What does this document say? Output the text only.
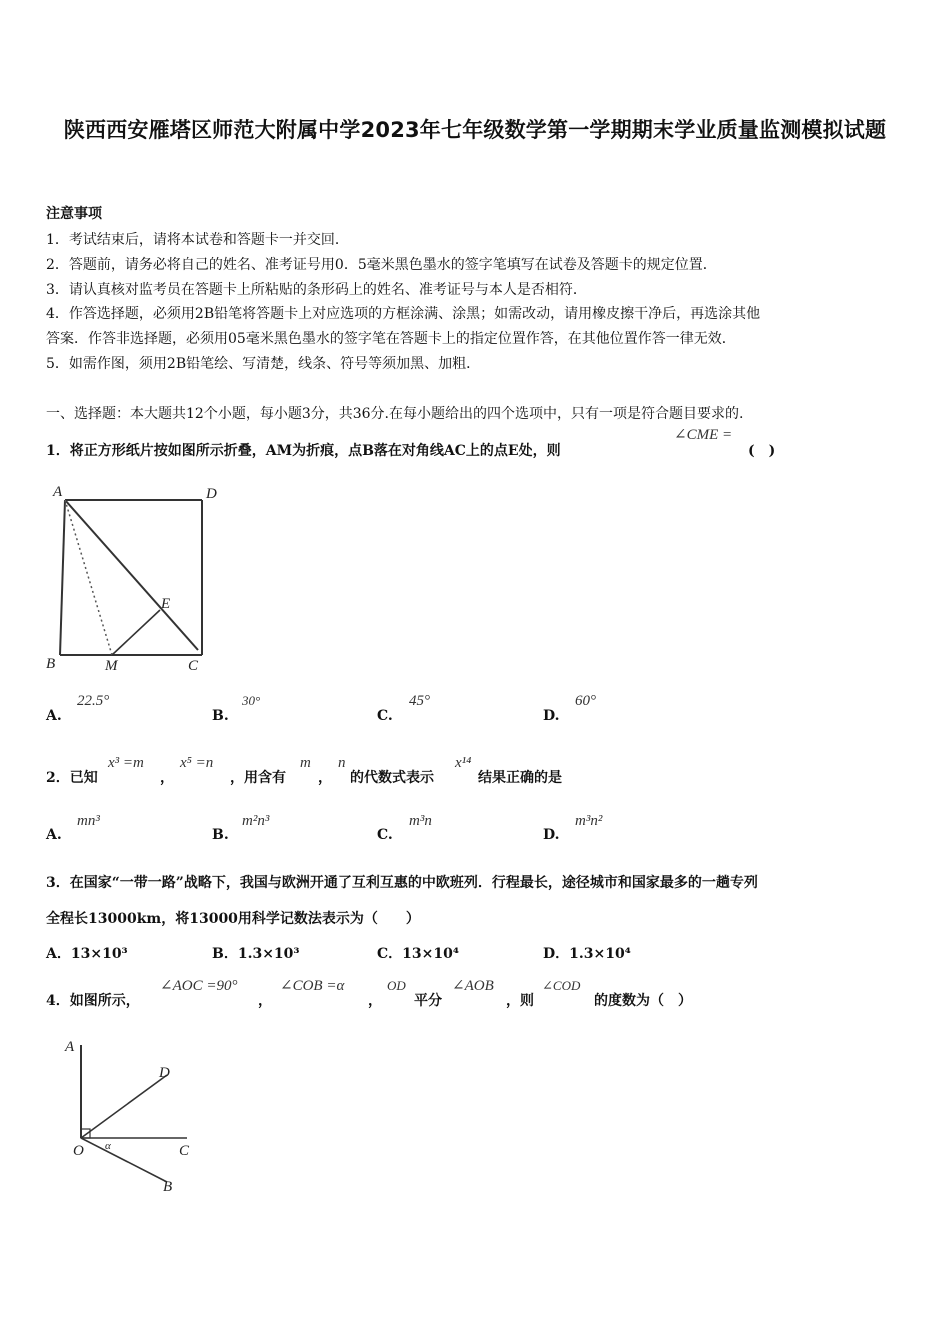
陕西西安雁塔区师范大附属中学2023年七年级数学第一学期期末学业质量监测模拟试题
注意事项
1．考试结束后，请将本试卷和答题卡一并交回．
2．答题前，请务必将自己的姓名、准考证号用0．5毫米黑色墨水的签字笔填写在试卷及答题卡的规定位置．
3．请认真核对监考员在答题卡上所粘贴的条形码上的姓名、准考证号与本人是否相符．
4．作答选择题，必须用2B铅笔将答题卡上对应选项的方框涂满、涂黑；如需改动，请用橡皮擦干净后，再选涂其他
答案．作答非选择题，必须用05毫米黑色墨水的签字笔在答题卡上的指定位置作答，在其他位置作答一律无效．
5．如需作图，须用2B铅笔绘、写清楚，线条、符号等须加黑、加粗．
一、选择题：本大题共12个小题，每小题3分，共36分.在每小题给出的四个选项中，只有一项是符合题目要求的.
1．将正方形纸片按如图所示折叠，AM为折痕，点B落在对角线AC上的点E处，则
∠CME =
(　)
A	D
E
B	M	C
A.
22.5°
B.
30°
C.
45°
D.
60°
2．已知
x³ =m
，
x⁵ =n
，用含有
m
，
n
的代数式表示
x¹⁴
结果正确的是
A.
mn³
B.
m²n³
C.
m³n
D.
m³n²
3．在国家“一带一路”战略下，我国与欧洲开通了互利互惠的中欧班列．行程最长，途径城市和国家最多的一趟专列
全程长13000km，将13000用科学记数法表示为（　　）
A．13×10³	B．1.3×10³	C．13×10⁴	D．1.3×10⁴
4．如图所示，
∠AOC =90°
，
∠COB =α
，
OD
平分
∠AOB
，则
∠COD
的度数为（　）
A
D
O	C
B
α
